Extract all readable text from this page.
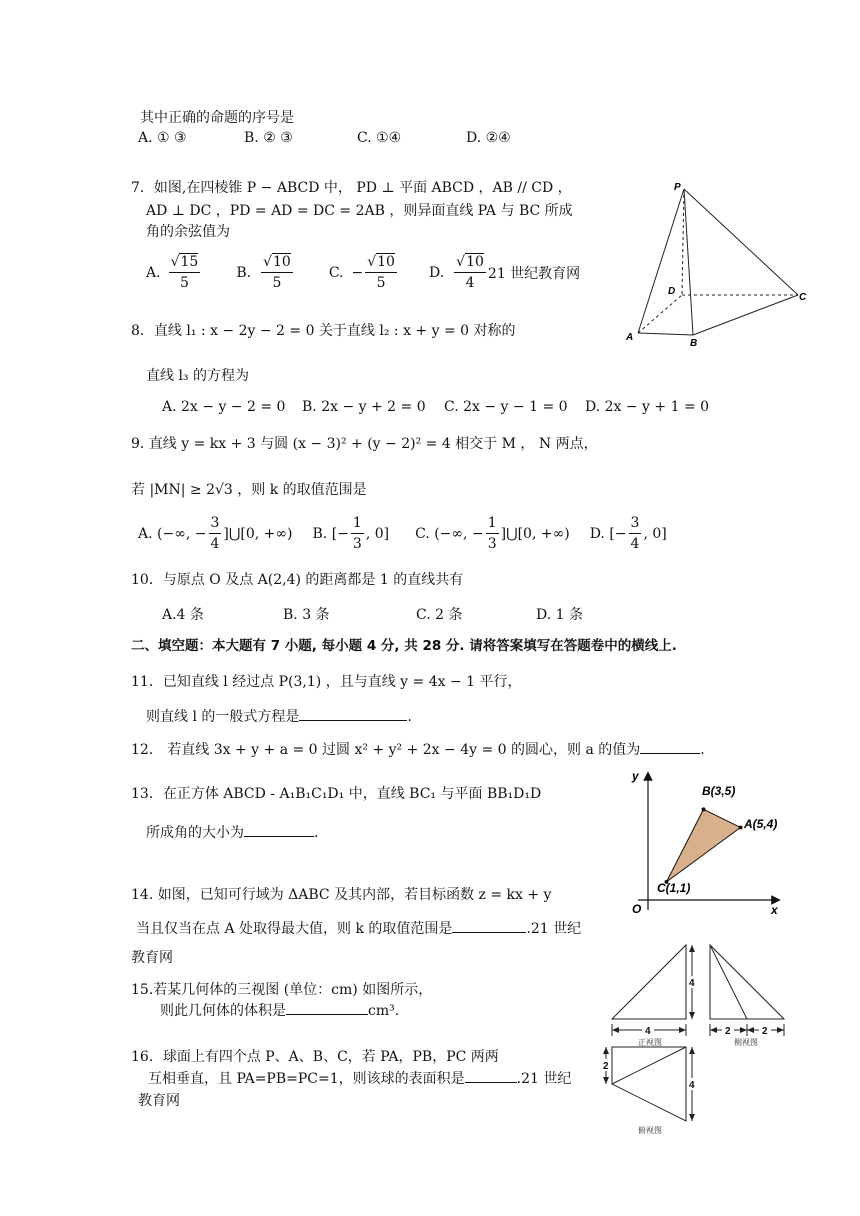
其中正确的命题的序号是
A. ① ③	B. ② ③	C. ①④	D. ②④
7．如图,在四棱锥 P − ABCD 中， PD ⊥ 平面 ABCD ，AB // CD ，
AD ⊥ DC ，PD = AD = DC = 2AB ，则异面直线 PA 与 BC 所成
角的余弦值为
A. $\frac{√15}{5}$	B. $\frac{√10}{5}$	C. − $\frac{√10}{5} D$. $\frac{√10}{4} 21$ 世纪教育网
P
D
C
A
B
8．直线 l₁ : x − 2y − 2 = 0 关于直线 l₂ : x + y = 0 对称的
直线 l₃ 的方程为
A. 2x − y − 2 = 0 B. 2x − y + 2 = 0 C. 2x − y − 1 = 0 D. 2x − y + 1 = 0
9. 直线 y = kx + 3 与圆 (x − 3)² + (y − 2)² = 4 相交于 M ， N 两点，
若 |MN| ≥ 2√3 ，则 k 的取值范围是
A. (−∞, − $\frac{3}{4}$ ]⋃[0, +∞) B. [− $\frac{1}{3}$ , 0] C. (−∞, − $\frac{1}{3}$ ]⋃[0, +∞) D. [− $\frac{3}{4}$ , 0]
10．与原点 O 及点 A(2,4) 的距离都是 1 的直线共有
A.4 条	B. 3 条	C. 2 条	D. 1 条
二、填空题：本大题有 7 小题, 每小题 4 分, 共 28 分. 请将答案填写在答题卷中的横线上.
11．已知直线 l 经过点 P(3,1) ，且与直线 y = 4x − 1 平行，
则直线 l 的一般式方程是	.
12． 若直线 3x + y + a = 0 过圆 x² + y² + 2x − 4y = 0 的圆心，则 a 的值为	.
13．在正方体 ABCD - A₁B₁C₁D₁ 中，直线 BC₁ 与平面 BB₁D₁D
所成角的大小为	.
y
x
O
B(3,5)
A(5,4)
C(1,1)
14. 如图，已知可行域为 ΔABC 及其内部，若目标函数 z = kx + y
当且仅当在点 A 处取得最大值，则 k 的取值范围是	.21 世纪
教育网
15.若某几何体的三视图 (单位：cm) 如图所示，
则此几何体的体积是	cm³.
16．球面上有四个点 P、A、B、C，若 PA，PB，PC 两两
互相垂直，且 PA=PB=PC=1，则该球的表面积是	.21 世纪
教育网
4
4	2	2
2
4
正视图	侧视图
俯视图
